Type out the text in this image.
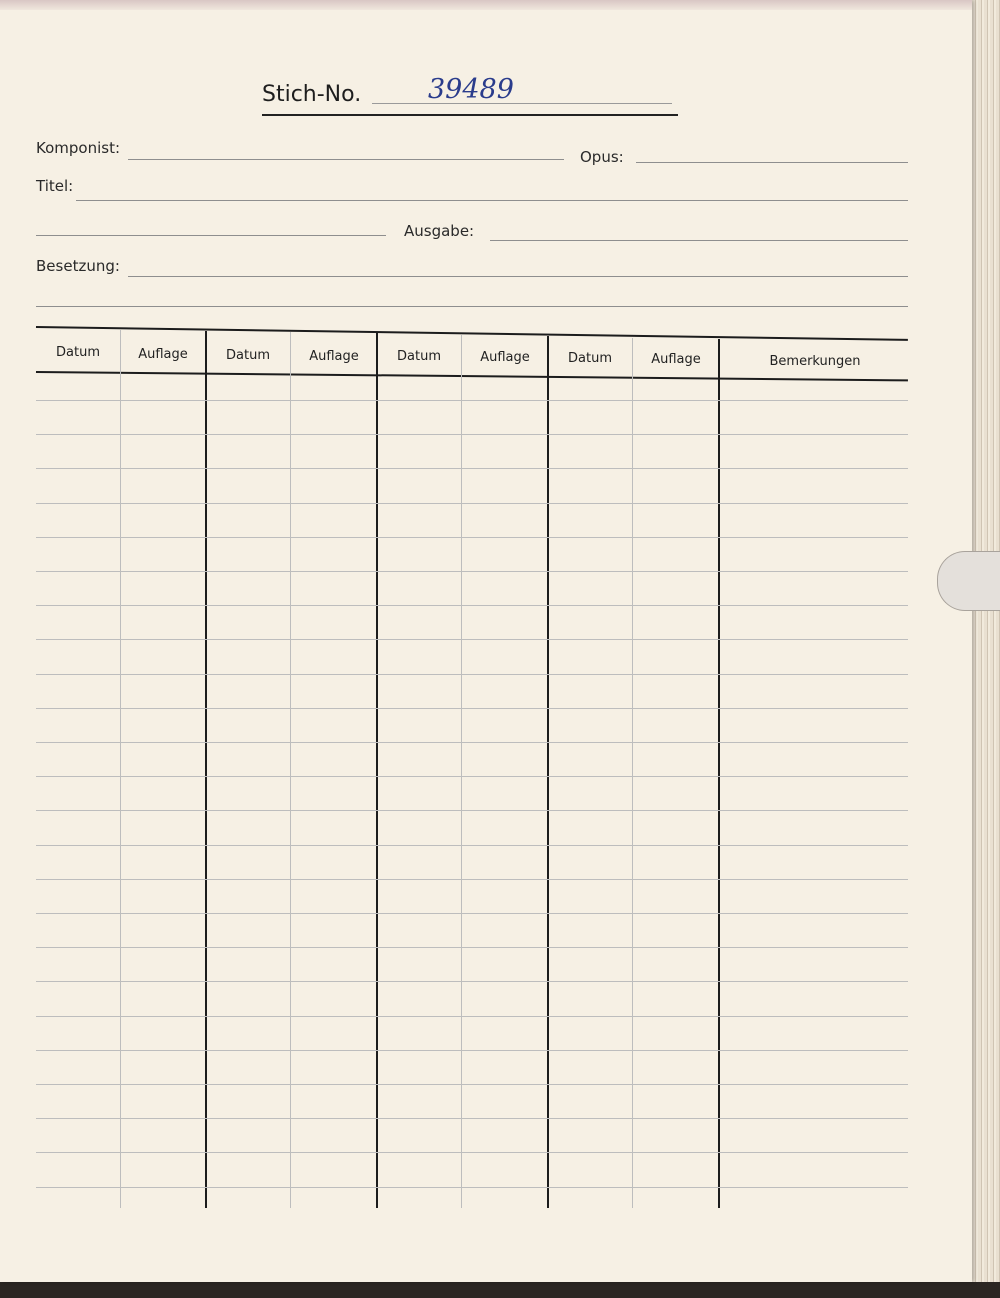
Stich-No. 39489
Komponist:	Opus:
Titel:
Ausgabe:
Besetzung:
Datum	Auflage	Datum	Auflage	Datum	Auflage	Datum	Auflage	Bemerkungen
